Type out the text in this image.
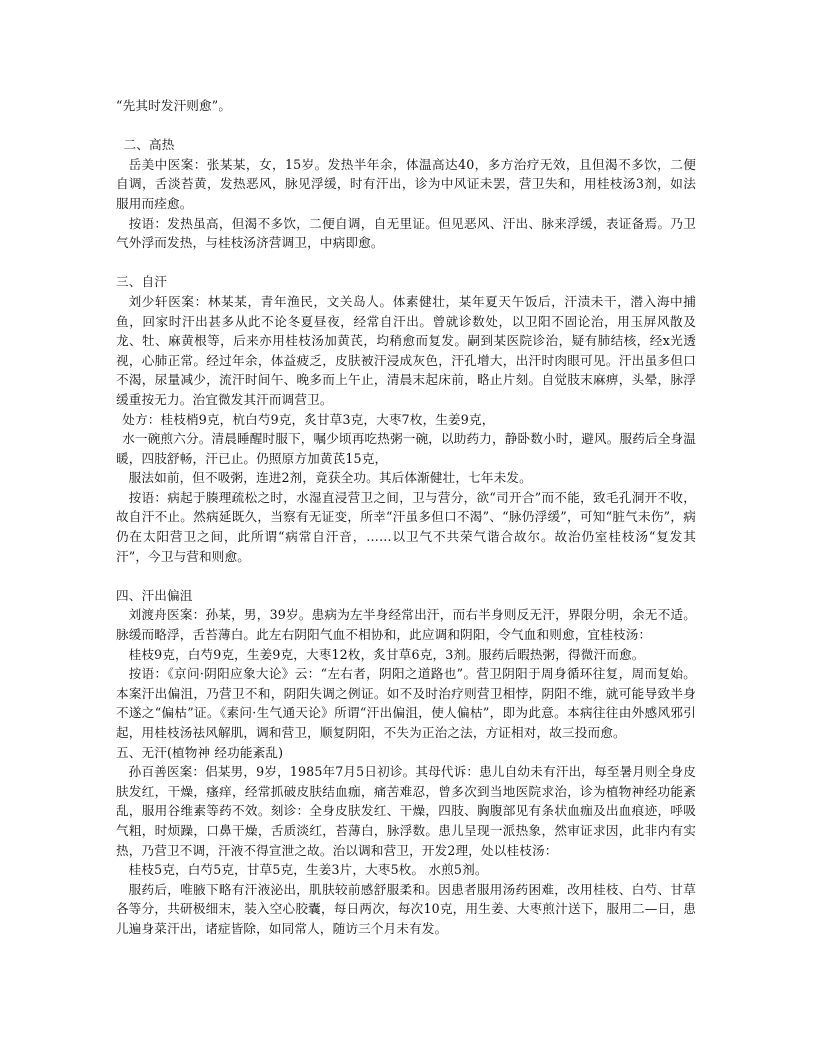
“先其时发汗则愈”。

二、高热

岳美中医案：张某某，女，15岁。发热半年余，体温高达40，多方治疗无效，且但渴不多饮，二便自调，舌淡苔黄，发热恶风，脉见浮缓，时有汗出，诊为中风证未罢，营卫失和，用桂枝汤3剂，如法服用而痊愈。

按语：发热虽高，但渴不多饮，二便自调，自无里证。但见恶风、汗出、脉来浮缓，表证备焉。乃卫气外浮而发热，与桂枝汤济营调卫，中病即愈。

三、自汗

刘少轩医案：林某某，青年渔民，文关岛人。体素健壮，某年夏天午饭后，汗渍未干，潜入海中捕鱼，回家时汗出甚多从此不论冬夏昼夜，经常自汗出。曾就诊数处，以卫阳不固论治，用玉屏风散及龙、牡、麻黄根等，后来亦用桂枝汤加黄芪，均稍愈而复发。嗣到某医院诊治，疑有肺结核，经x光透视，心肺正常。经过年余，体益疲乏，皮肤被汗浸成灰色，汗孔增大，出汗时肉眼可见。汗出虽多但口不渴，尿量减少，流汗时间午、晚多而上午止，清晨末起床前，略止片刻。自觉肢末麻痹，头晕，脉浮缓重按无力。治宜微发其汗而调营卫。

处方：桂枝梢9克，杭白芍9克，炙甘草3克，大枣7枚，生姜9克，

水一碗煎六分。清晨睡醒时服下，嘱少顷再吃热粥一碗，以助药力，静卧数小时，避风。服药后全身温暖，四肢舒畅，汗已止。仍照原方加黄芪15克，

服法如前，但不吸粥，连进2剂，竟获全功。其后体渐健壮，七年未发。

按语：病起于腠理疏松之时，水湿直浸营卫之间，卫与营分，欲“司开合”而不能，致毛孔洞开不收，故自汗不止。然病延既久，当察有无证变，所幸“汗虽多但口不渴”、“脉仍浮缓”，可知“脏气未伤”，病仍在太阳营卫之间，此所谓“病常自汗音，……以卫气不共荣气谐合故尔。故治仍室桂枝汤“复发其汗”，今卫与营和则愈。

四、汗出偏沮

刘渡舟医案：孙某，男，39岁。患病为左半身经常出汗，而右半身则反无汗，界限分明，余无不适。脉缓而略浮，舌苔薄白。此左右阴阳气血不相协和，此应调和阴阳，令气血和则愈，宜桂枝汤：

桂枝9克，白芍9克，生姜9克，大枣12枚，炙甘草6克，3剂。服药后暇热粥，得微汗而愈。

按语：《京问·阴阳应象大论》云：“左右者，阴阳之道路也”。营卫阴阳于周身循环往复，周而复始。本案汗出偏沮，乃营卫不和，阴阳失调之例证。如不及时治疗则营卫相悖，阴阳不维，就可能导致半身不遂之“偏枯”证。《素问·生气通天论》所谓“汗出偏沮，使人偏枯”，即为此意。本病往往由外感风邪引起，用桂枝汤祛风解肌，调和营卫，顺复阴阳，不失为正治之法，方证相对，故三投而愈。

五、无汗(植物神 经功能紊乱)

孙百善医案：侣某男，9岁，1985年7月5日初诊。其母代诉：患儿自幼未有汗出，每至暑月则全身皮肤发红，干燥，瘙痒，经常抓破皮肤结血痂，痛苦难忍，曾多次到当地医院求治，诊为植物神经功能紊乱，服用谷维素等药不效。刻诊：全身皮肤发红、干燥，四肢、胸腹部见有条状血痂及出血痕迹，呼吸气粗，时烦躁，口鼻干燥，舌质淡红，苔薄白，脉浮数。患儿呈现一派热象，然审证求因，此非内有实热，乃营卫不调，汗液不得宣泄之故。治以调和营卫，开发2理，处以桂枝汤：

桂枝5克，白芍5克，甘草5克，生姜3片，大枣5枚。 水煎5剂。

服药后，唯腋下略有汗液泌出，肌肤较前感舒服柔和。因患者服用汤药困难，改用桂枝、白芍、甘草各等分，共研极细末，装入空心胶囊，每日两次，每次10克，用生姜、大枣煎汁送下，服用二—日，患儿遍身菜汗出，诸症皆除，如同常人，随访三个月未有发。
